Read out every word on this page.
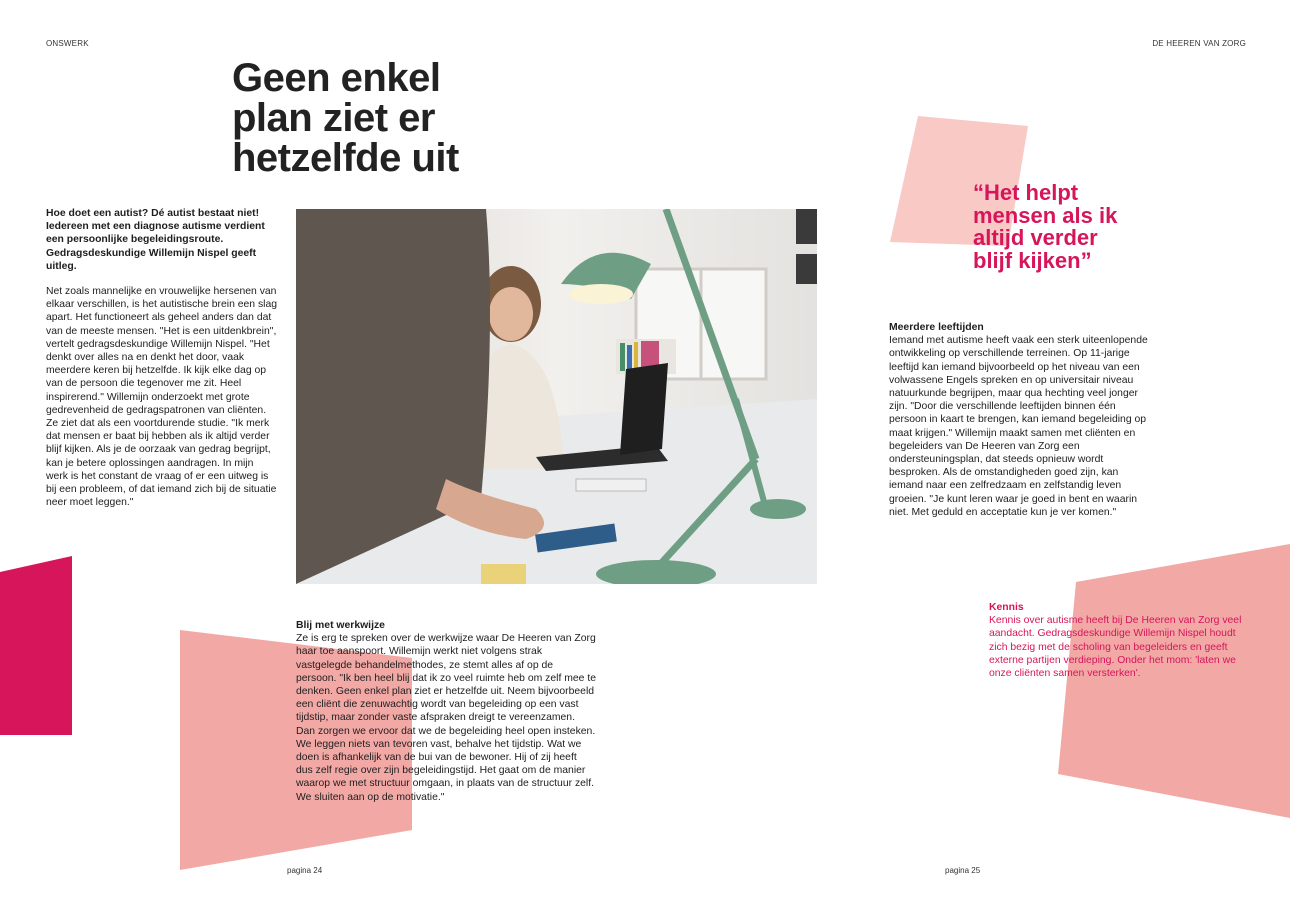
ONSWERK	DE HEEREN VAN ZORG
Geen enkel
plan ziet er
hetzelfde uit

Hoe doet een autist? Dé autist bestaat niet! Iedereen met een diagnose autisme verdient een persoonlijke begeleidingsroute. Gedragsdeskundige Willemijn Nispel geeft uitleg.

Net zoals mannelijke en vrouwelijke hersenen van elkaar verschillen, is het autistische brein een slag apart. Het functioneert als geheel anders dan dat van de meeste mensen. "Het is een uitdenkbrein", vertelt gedragsdeskundige Willemijn Nispel. "Het denkt over alles na en denkt het door, vaak meerdere keren bij hetzelfde. Ik kijk elke dag op van de persoon die tegenover me zit. Heel inspirerend." Willemijn onderzoekt met grote gedrevenheid de gedragspatronen van cliënten. Ze ziet dat als een voortdurende studie. "Ik merk dat mensen er baat bij hebben als ik altijd verder blijf kijken. Als je de oorzaak van gedrag begrijpt, kan je betere oplossingen aandragen. In mijn werk is het constant de vraag of er een uitweg is bij een probleem, of dat iemand zich bij de situatie neer moet leggen."

Blij met werkwijze
Ze is erg te spreken over de werkwijze waar De Heeren van Zorg haar toe aanspoort. Willemijn werkt niet volgens strak vastgelegde behandelmethodes, ze stemt alles af op de persoon. "Ik ben heel blij dat ik zo veel ruimte heb om zelf mee te denken. Geen enkel plan ziet er hetzelfde uit. Neem bijvoorbeeld een cliënt die zenuwachtig wordt van begeleiding op een vast tijdstip, maar zonder vaste afspraken dreigt te vereenzamen. Dan zorgen we ervoor dat we de begeleiding heel open insteken. We leggen niets van tevoren vast, behalve het tijdstip. Wat we doen is afhankelijk van de bui van de bewoner. Hij of zij heeft dus zelf regie over zijn begeleidingstijd. Het gaat om de manier waarop we met structuur omgaan, in plaats van de structuur zelf. We sluiten aan op de motivatie."

“Het helpt
mensen als ik
altijd verder
blijf kijken”

Meerdere leeftijden
Iemand met autisme heeft vaak een sterk uiteenlopende ontwikkeling op verschillende terreinen. Op 11-jarige leeftijd kan iemand bijvoorbeeld op het niveau van een volwassene Engels spreken en op universitair niveau natuurkunde begrijpen, maar qua hechting veel jonger zijn. "Door die verschillende leeftijden binnen één persoon in kaart te brengen, kan iemand begeleiding op maat krijgen." Willemijn maakt samen met cliënten en begeleiders van De Heeren van Zorg een ondersteuningsplan, dat steeds opnieuw wordt besproken. Als de omstandigheden goed zijn, kan iemand naar een zelfredzaam en zelfstandig leven groeien. "Je kunt leren waar je goed in bent en waarin niet. Met geduld en acceptatie kun je ver komen."

Kennis
Kennis over autisme heeft bij De Heeren van Zorg veel aandacht. Gedragsdeskundige Willemijn Nispel houdt zich bezig met de scholing van begeleiders en geeft externe partijen verdieping. Onder het mom: 'laten we onze cliënten samen versterken'.

pagina 24	pagina 25
